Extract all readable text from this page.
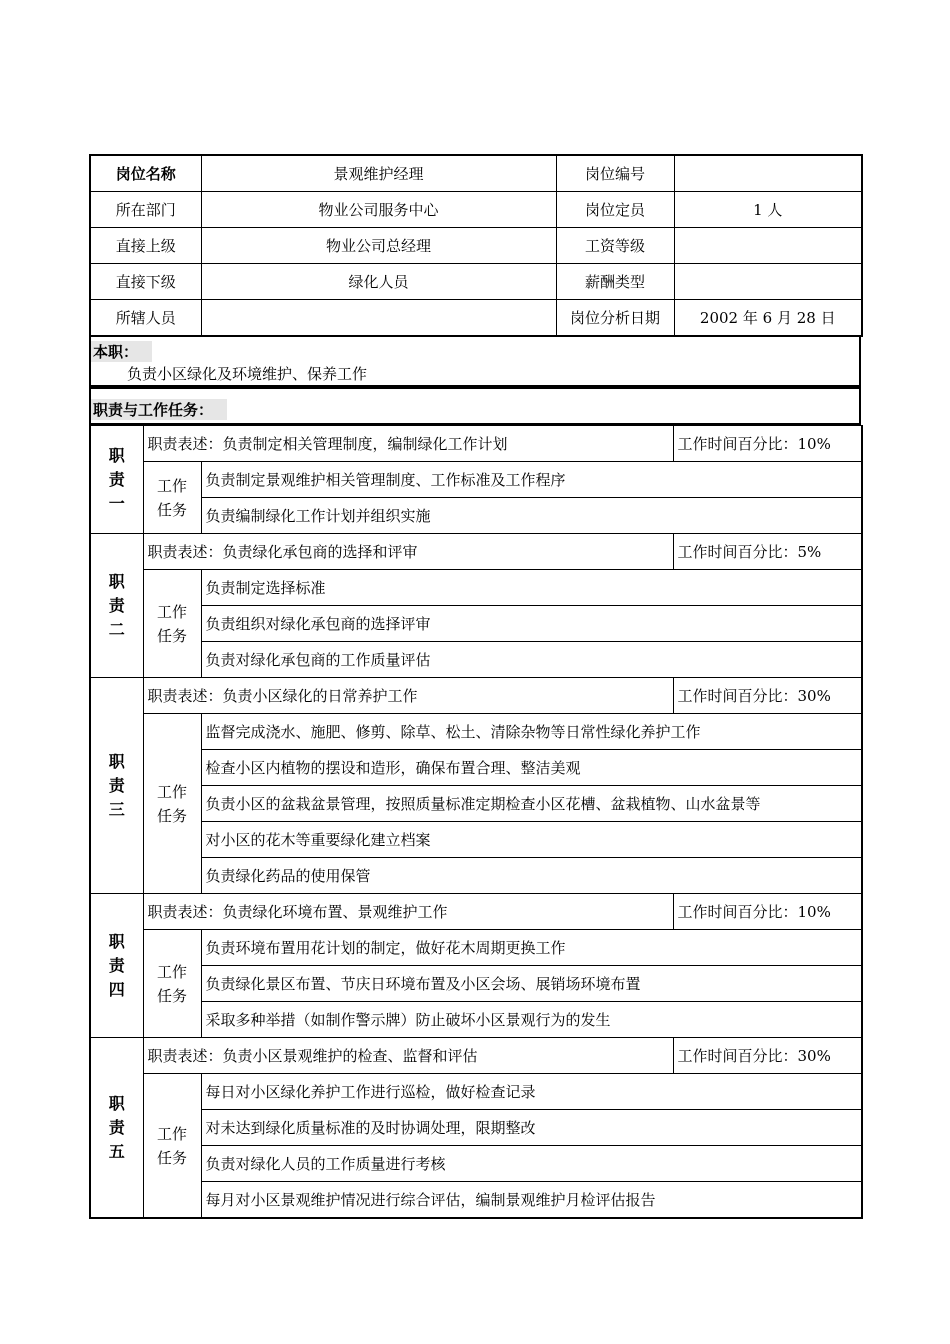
岗位名称	景观维护经理	岗位编号	
所在部门	物业公司服务中心	岗位定员	1 人
直接上级	物业公司总经理	工资等级	
直接下级	绿化人员	薪酬类型	
所辖人员		岗位分析日期	2002 年 6 月 28 日
本职：
负责小区绿化及环境维护、保养工作
职责与工作任务：
职责一	职责表述：负责制定相关管理制度，编制绿化工作计划		工作时间百分比：10%
	工作任务	负责制定景观维护相关管理制度、工作标准及工作程序	
		负责编制绿化工作计划并组织实施	
职责二	职责表述：负责绿化承包商的选择和评审		工作时间百分比：5%
	工作任务	负责制定选择标准	
		负责组织对绿化承包商的选择评审	
		负责对绿化承包商的工作质量评估	
职责三	职责表述：负责小区绿化的日常养护工作		工作时间百分比：30%
	工作任务	监督完成浇水、施肥、修剪、除草、松土、清除杂物等日常性绿化养护工作	
		检查小区内植物的摆设和造形，确保布置合理、整洁美观	
		负责小区的盆栽盆景管理，按照质量标准定期检查小区花槽、盆栽植物、山水盆景等	
		对小区的花木等重要绿化建立档案	
		负责绿化药品的使用保管	
职责四	职责表述：负责绿化环境布置、景观维护工作		工作时间百分比：10%
	工作任务	负责环境布置用花计划的制定，做好花木周期更换工作	
		负责绿化景区布置、节庆日环境布置及小区会场、展销场环境布置	
		采取多种举措（如制作警示牌）防止破坏小区景观行为的发生	
职责五	职责表述：负责小区景观维护的检查、监督和评估		工作时间百分比：30%
	工作任务	每日对小区绿化养护工作进行巡检，做好检查记录	
		对未达到绿化质量标准的及时协调处理，限期整改	
		负责对绿化人员的工作质量进行考核	
		每月对小区景观维护情况进行综合评估，编制景观维护月检评估报告	
